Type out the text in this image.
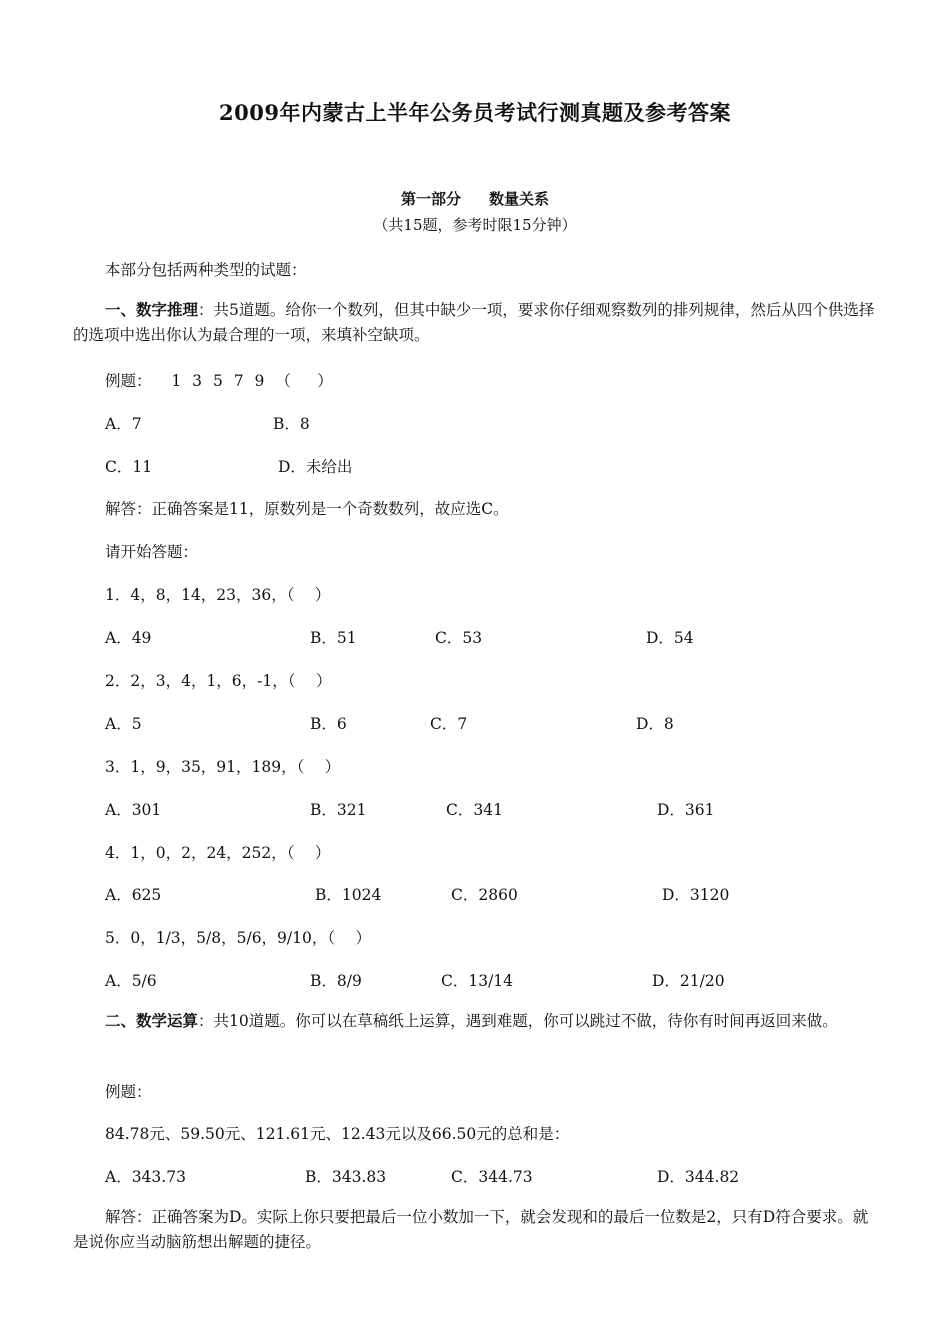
2009年内蒙古上半年公务员考试行测真题及参考答案
第一部分 数量关系
（共15题，参考时限15分钟）
本部分包括两种类型的试题：
一、数字推理：共5道题。给你一个数列，但其中缺少一项，要求你仔细观察数列的排列规律，然后从四个供选择的选项中选出你认为最合理的一项，来填补空缺项。
例题： 1 3 5 7 9 （　 ）
A．7	B．8
C．11	D．未给出
解答：正确答案是11，原数列是一个奇数数列，故应选C。
请开始答题：
1．4，8，14，23，36，（　 ）
A．49	B．51	C．53	D．54
2．2，3，4，1，6，-1，（　 ）
A．5	B．6	C．7	D．8
3．1，9，35，91，189，（　 ）
A．301	B．321	C．341	D．361
4．1，0，2，24，252，（　 ）
A．625	B．1024	C．2860	D．3120
5．0，1/3，5/8，5/6，9/10，（　 ）
A．5/6	B．8/9	C．13/14	D．21/20
二、数学运算：共10道题。你可以在草稿纸上运算，遇到难题，你可以跳过不做，待你有时间再返回来做。
例题：
84.78元、59.50元、121.61元、12.43元以及66.50元的总和是：
A．343.73	B．343.83	C．344.73	D．344.82
解答：正确答案为D。实际上你只要把最后一位小数加一下，就会发现和的最后一位数是2，只有D符合要求。就是说你应当动脑筋想出解题的捷径。
